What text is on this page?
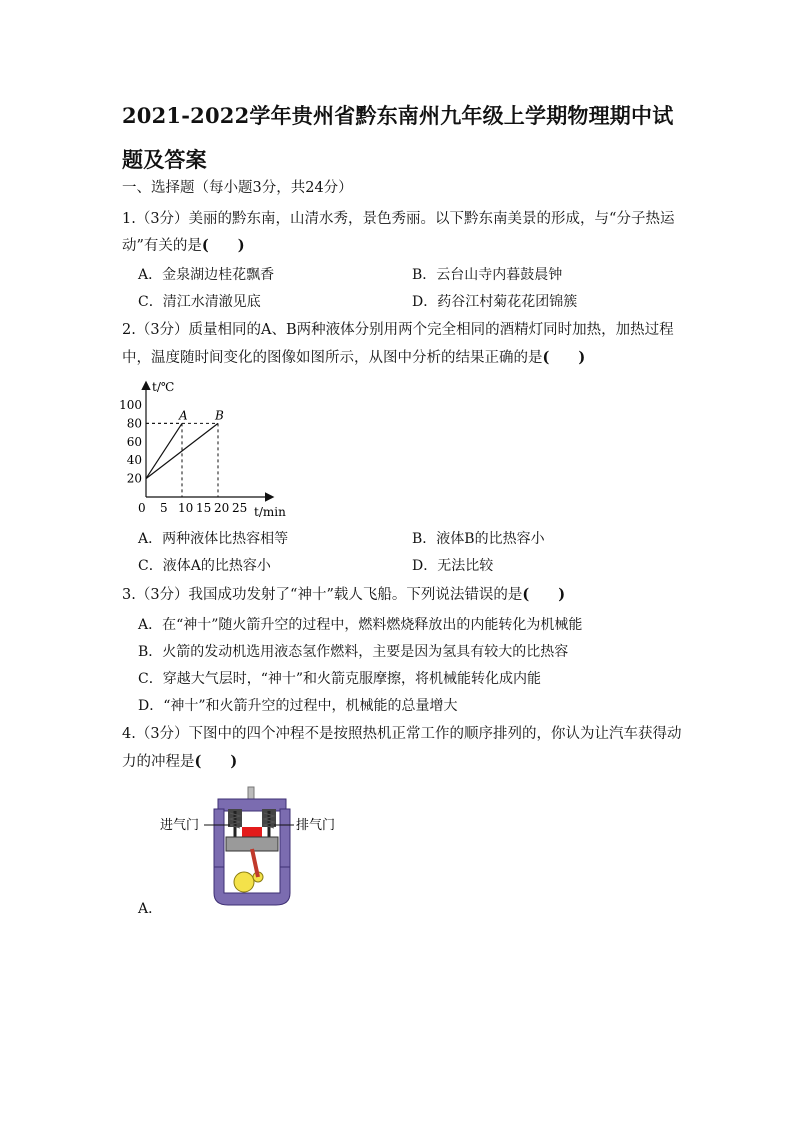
2021-2022学年贵州省黔东南州九年级上学期物理期中试题及答案
一、选择题（每小题3分，共24分）
1.（3分）美丽的黔东南，山清水秀，景色秀丽。以下黔东南美景的形成，与“分子热运
动”有关的是(　　)
A．金泉湖边桂花飘香	B．云台山寺内暮鼓晨钟
C．清江水清澈见底	D．药谷江村菊花花团锦簇
2.（3分）质量相同的A、B两种液体分别用两个完全相同的酒精灯同时加热，加热过程
中，温度随时间变化的图像如图所示，从图中分析的结果正确的是(　　)
0 5 10 15 20 25
20
40
60
80
100
A B
t/℃
t/min
A．两种液体比热容相等	B．液体B的比热容小
C．液体A的比热容小	D．无法比较
3.（3分）我国成功发射了“神十”载人飞船。下列说法错误的是(　　)
A．在“神十”随火箭升空的过程中，燃料燃烧释放出的内能转化为机械能
B．火箭的发动机选用液态氢作燃料，主要是因为氢具有较大的比热容
C．穿越大气层时，“神十”和火箭克服摩擦，将机械能转化成内能
D．“神十”和火箭升空的过程中，机械能的总量增大
4.（3分）下图中的四个冲程不是按照热机正常工作的顺序排列的，你认为让汽车获得动
力的冲程是(　　)
进气门	排气门
A．
